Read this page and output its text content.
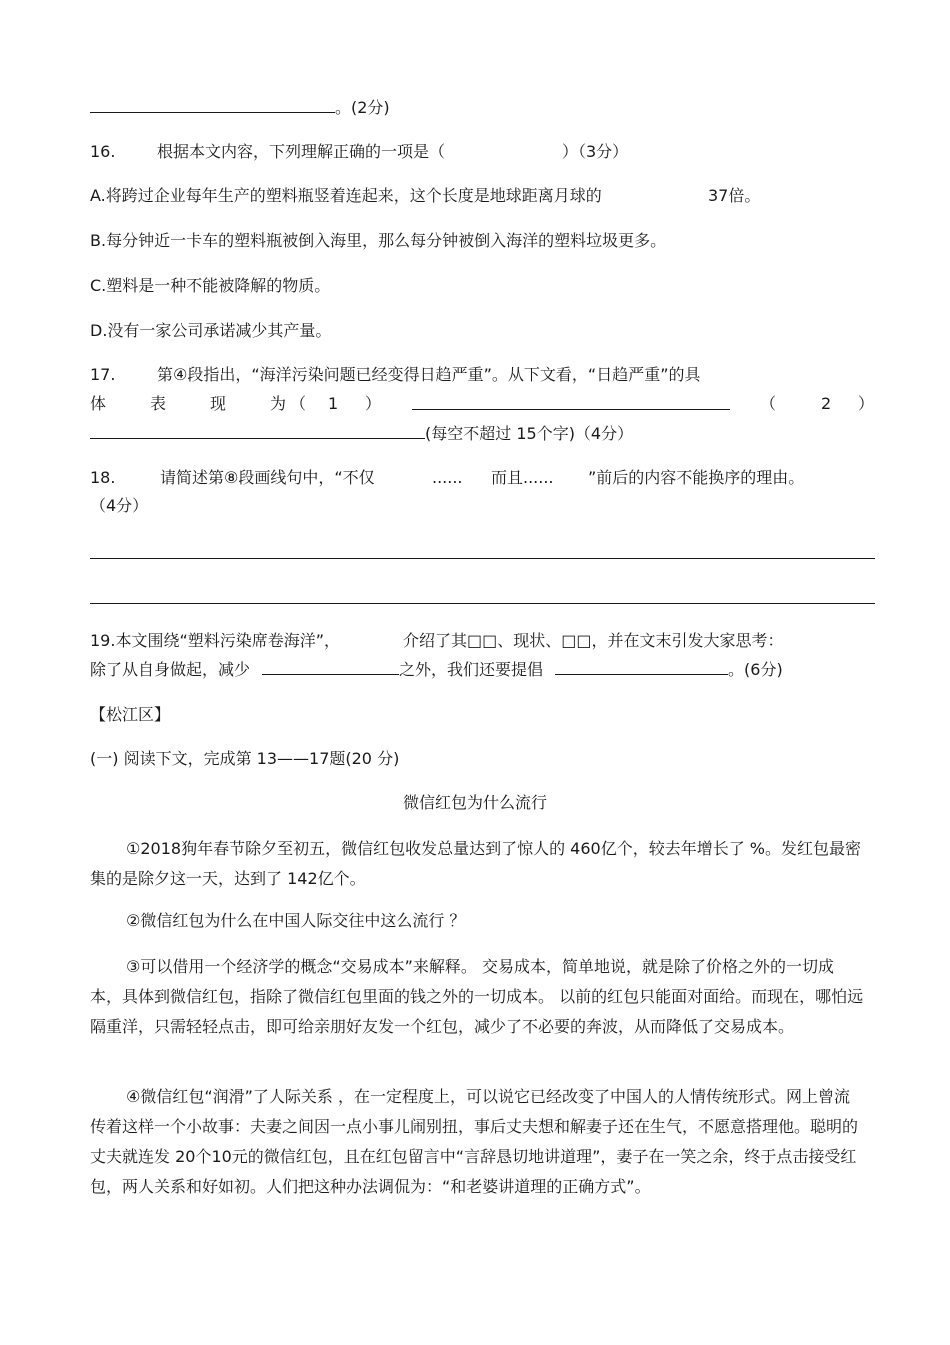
。(2分)
16.	根据本文内容，下列理解正确的一项是（	）（3分）
A.将跨过企业每年生产的塑料瓶竖着连起来，这个长度是地球距离月球的	37倍。
B.每分钟近一卡车的塑料瓶被倒入海里，那么每分钟被倒入海洋的塑料垃圾更多。
C.塑料是一种不能被降解的物质。
D.没有一家公司承诺减少其产量。
17.	第④段指出，“海洋污染问题已经变得日趋严重”。从下文看，“日趋严重”的具
体	表	现	为 （ 1 ）	（	2 ）
(每空不超过 15个字)（4分）
18.	请简述第⑧段画线句中，“不仅	...... 而且...... ”前后的内容不能换序的理由。
（4分）
19.本文围绕“塑料污染席卷海洋”，	介绍了其□□、现状、□□，并在文末引发大家思考：
除了从自身做起，减少	之外，我们还要提倡	。(6分)
【松江区】
(一) 阅读下文，完成第 13——17题(20 分)
微信红包为什么流行
①2018狗年春节除夕至初五，微信红包收发总量达到了惊人的 460亿个，较去年增长了 %。发红包最密集的是除夕这一天，达到了 142亿个。
②微信红包为什么在中国人际交往中这么流行 ？
③可以借用一个经济学的概念“交易成本”来解释。 交易成本，简单地说，就是除了价格之外的一切成本，具体到微信红包，指除了微信红包里面的钱之外的一切成本。 以前的红包只能面对面给。而现在，哪怕远隔重洋，只需轻轻点击，即可给亲朋好友发一个红包，减少了不必要的奔波，从而降低了交易成本。
④微信红包“润滑”了人际关系 ，在一定程度上，可以说它已经改变了中国人的人情传统形式。网上曾流传着这样一个小故事：夫妻之间因一点小事儿闹别扭，事后丈夫想和解妻子还在生气，不愿意搭理他。聪明的丈夫就连发 20个10元的微信红包，且在红包留言中“言辞恳切地讲道理”，妻子在一笑之余，终于点击接受红包，两人关系和好如初。人们把这种办法调侃为：“和老婆讲道理的正确方式”。
